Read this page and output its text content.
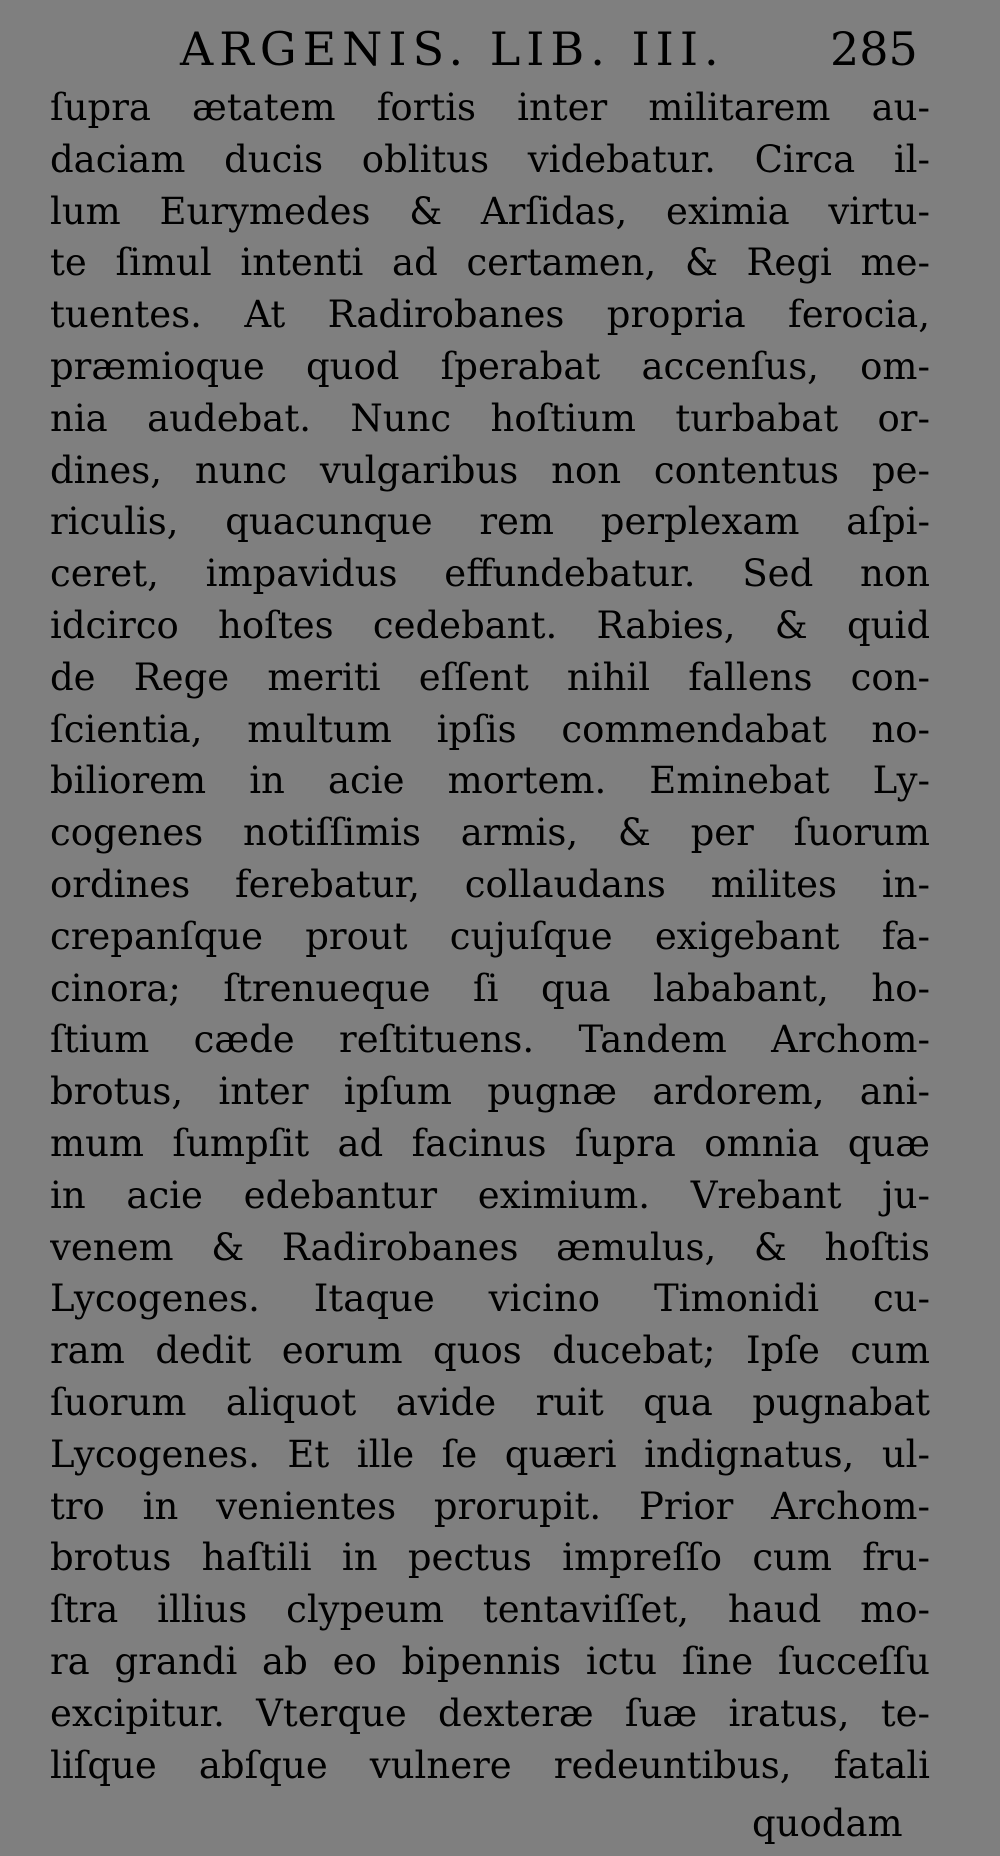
ARGENIS. LIB. III. 285
ſupra ætatem fortis inter militarem au-
daciam ducis oblitus videbatur. Circa il-
lum Eurymedes & Arſidas, eximia virtu-
te ſimul intenti ad certamen, & Regi me-
tuentes. At Radirobanes propria ferocia,
præmioque quod ſperabat accenſus, om-
nia audebat. Nunc hoſtium turbabat or-
dines, nunc vulgaribus non contentus pe-
riculis, quacunque rem perplexam aſpi-
ceret, impavidus effundebatur. Sed non
idcirco hoſtes cedebant. Rabies, & quid
de Rege meriti eſſent nihil fallens con-
ſcientia, multum ipſis commendabat no-
biliorem in acie mortem. Eminebat Ly-
cogenes notiſſimis armis, & per ſuorum
ordines ferebatur, collaudans milites in-
crepanſque prout cujuſque exigebant fa-
cinora; ſtrenueque ſi qua lababant, ho-
ſtium cæde reſtituens. Tandem Archom-
brotus, inter ipſum pugnæ ardorem, ani-
mum ſumpſit ad facinus ſupra omnia quæ
in acie edebantur eximium. Vrebant ju-
venem & Radirobanes æmulus, & hoſtis
Lycogenes. Itaque vicino Timonidi cu-
ram dedit eorum quos ducebat; Ipſe cum
ſuorum aliquot avide ruit qua pugnabat
Lycogenes. Et ille ſe quæri indignatus, ul-
tro in venientes prorupit. Prior Archom-
brotus haſtili in pectus impreſſo cum fru-
ſtra illius clypeum tentaviſſet, haud mo-
ra grandi ab eo bipennis ictu ſine ſucceſſu
excipitur. Vterque dexteræ ſuæ iratus, te-
liſque abſque vulnere redeuntibus, fatali
quodam
